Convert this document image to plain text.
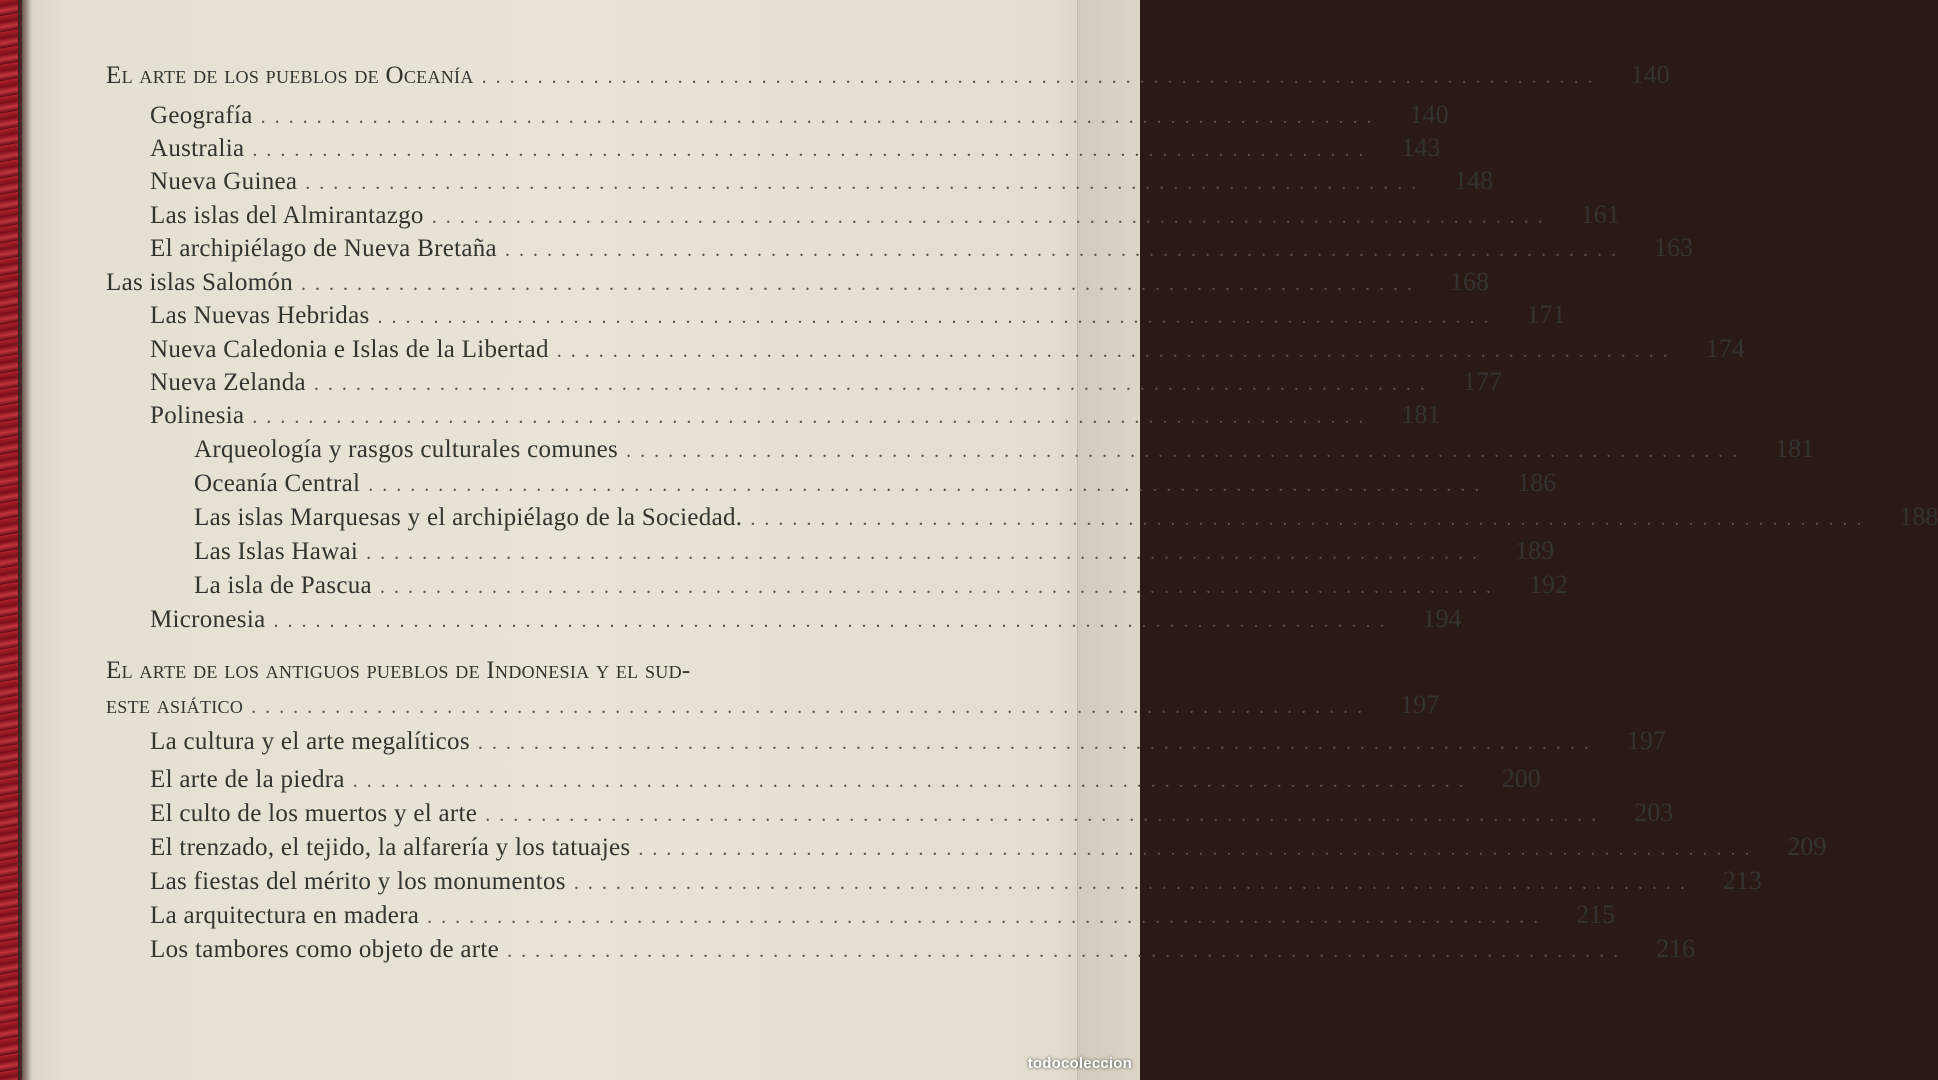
El arte de los pueblos de Oceanía ................................................................................	140
Geografía ................................................................................	140
Australia ................................................................................	143
Nueva Guinea ................................................................................	148
Las islas del Almirantazgo ................................................................................	161
El archipiélago de Nueva Bretaña ................................................................................	163
Las islas Salomón ................................................................................	168
Las Nuevas Hebridas ................................................................................	171
Nueva Caledonia e Islas de la Libertad ................................................................................	174
Nueva Zelanda ................................................................................	177
Polinesia ................................................................................	181
Arqueología y rasgos culturales comunes ................................................................................	181
Oceanía Central ................................................................................	186
Las islas Marquesas y el archipiélago de la Sociedad. ................................................................................	188
Las Islas Hawai ................................................................................	189
La isla de Pascua ................................................................................	192
Micronesia ................................................................................	194
El arte de los antiguos pueblos de Indonesia y el sud-
este asiático ................................................................................	197
La cultura y el arte megalíticos ................................................................................	197
El arte de la piedra ................................................................................	200
El culto de los muertos y el arte ................................................................................	203
El trenzado, el tejido, la alfarería y los tatuajes ................................................................................	209
Las fiestas del mérito y los monumentos ................................................................................	213
La arquitectura en madera ................................................................................	215
Los tambores como objeto de arte ................................................................................	216
todocoleccion
